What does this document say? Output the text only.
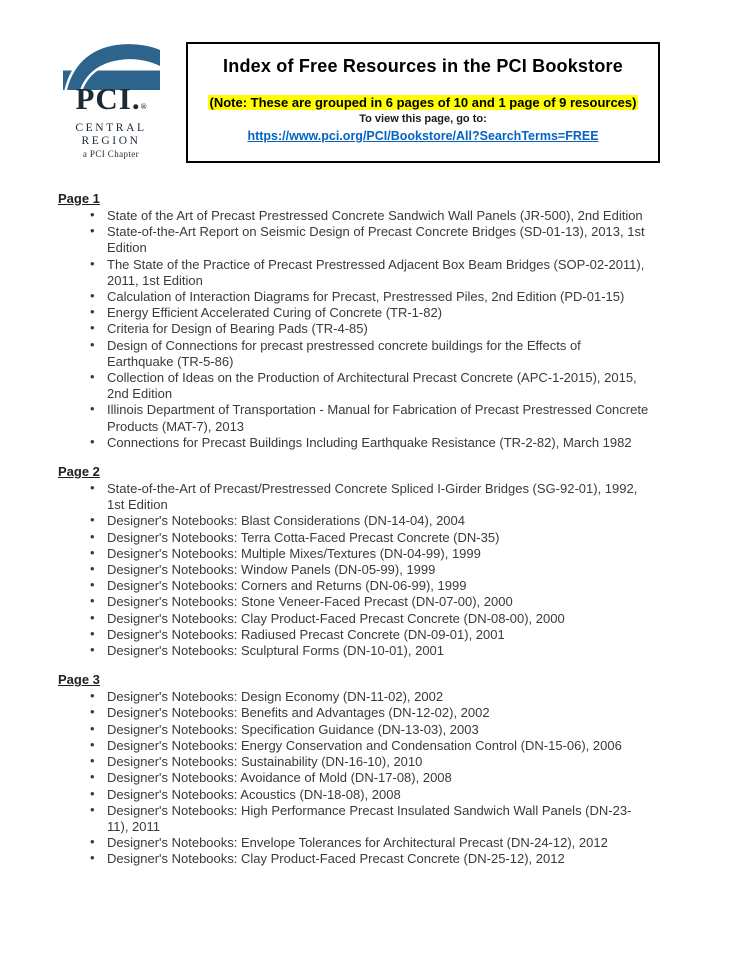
PCI.®
CENTRAL
REGION
a PCI Chapter
Index of Free Resources in the PCI Bookstore
(Note: These are grouped in 6 pages of 10 and 1 page of 9 resources)
To view this page, go to:
https://www.pci.org/PCI/Bookstore/All?SearchTerms=FREE
Page 1
• State of the Art of Precast Prestressed Concrete Sandwich Wall Panels (JR-500), 2nd Edition
• State-of-the-Art Report on Seismic Design of Precast Concrete Bridges (SD-01-13), 2013, 1st Edition
• The State of the Practice of Precast Prestressed Adjacent Box Beam Bridges (SOP-02-2011), 2011, 1st Edition
• Calculation of Interaction Diagrams for Precast, Prestressed Piles, 2nd Edition (PD-01-15)
• Energy Efficient Accelerated Curing of Concrete (TR-1-82)
• Criteria for Design of Bearing Pads (TR-4-85)
• Design of Connections for precast prestressed concrete buildings for the Effects of Earthquake (TR-5-86)
• Collection of Ideas on the Production of Architectural Precast Concrete (APC-1-2015), 2015, 2nd Edition
• Illinois Department of Transportation - Manual for Fabrication of Precast Prestressed Concrete Products (MAT-7), 2013
• Connections for Precast Buildings Including Earthquake Resistance (TR-2-82), March 1982
Page 2
• State-of-the-Art of Precast/Prestressed Concrete Spliced I-Girder Bridges (SG-92-01), 1992, 1st Edition
• Designer's Notebooks: Blast Considerations (DN-14-04), 2004
• Designer's Notebooks: Terra Cotta-Faced Precast Concrete (DN-35)
• Designer's Notebooks: Multiple Mixes/Textures (DN-04-99), 1999
• Designer's Notebooks: Window Panels (DN-05-99), 1999
• Designer's Notebooks: Corners and Returns (DN-06-99), 1999
• Designer's Notebooks: Stone Veneer-Faced Precast (DN-07-00), 2000
• Designer's Notebooks: Clay Product-Faced Precast Concrete (DN-08-00), 2000
• Designer's Notebooks: Radiused Precast Concrete (DN-09-01), 2001
• Designer's Notebooks: Sculptural Forms (DN-10-01), 2001
Page 3
• Designer's Notebooks: Design Economy (DN-11-02), 2002
• Designer's Notebooks: Benefits and Advantages (DN-12-02), 2002
• Designer's Notebooks: Specification Guidance (DN-13-03), 2003
• Designer's Notebooks: Energy Conservation and Condensation Control (DN-15-06), 2006
• Designer's Notebooks: Sustainability (DN-16-10), 2010
• Designer's Notebooks: Avoidance of Mold (DN-17-08), 2008
• Designer's Notebooks: Acoustics (DN-18-08), 2008
• Designer's Notebooks: High Performance Precast Insulated Sandwich Wall Panels (DN-23-11), 2011
• Designer's Notebooks: Envelope Tolerances for Architectural Precast (DN-24-12), 2012
• Designer's Notebooks: Clay Product-Faced Precast Concrete (DN-25-12), 2012
